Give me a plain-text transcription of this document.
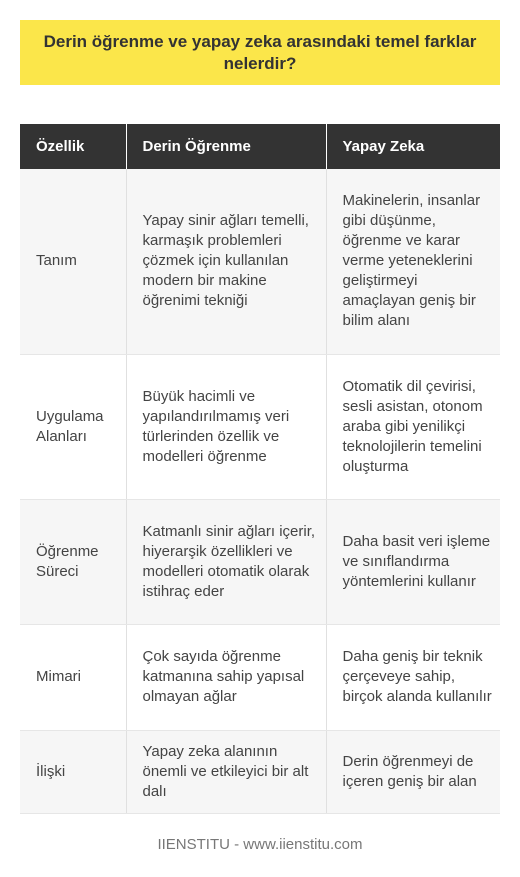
Derin öğrenme ve yapay zeka arasındaki temel farklar nelerdir?
Özellik	Derin Öğrenme	Yapay Zeka
Tanım	Yapay sinir ağları temelli, karmaşık problemleri çözmek için kullanılan modern bir makine öğrenimi tekniği	Makinelerin, insanlar gibi düşünme, öğrenme ve karar verme yeteneklerini geliştirmeyi amaçlayan geniş bir bilim alanı
Uygulama Alanları	Büyük hacimli ve yapılandırılmamış veri türlerinden özellik ve modelleri öğrenme	Otomatik dil çevirisi, sesli asistan, otonom araba gibi yenilikçi teknolojilerin temelini oluşturma
Öğrenme Süreci	Katmanlı sinir ağları içerir, hiyerarşik özellikleri ve modelleri otomatik olarak istihraç eder	Daha basit veri işleme ve sınıflandırma yöntemlerini kullanır
Mimari	Çok sayıda öğrenme katmanına sahip yapısal olmayan ağlar	Daha geniş bir teknik çerçeveye sahip, birçok alanda kullanılır
İlişki	Yapay zeka alanının önemli ve etkileyici bir alt dalı	Derin öğrenmeyi de içeren geniş bir alan
IIENSTITU - www.iienstitu.com
